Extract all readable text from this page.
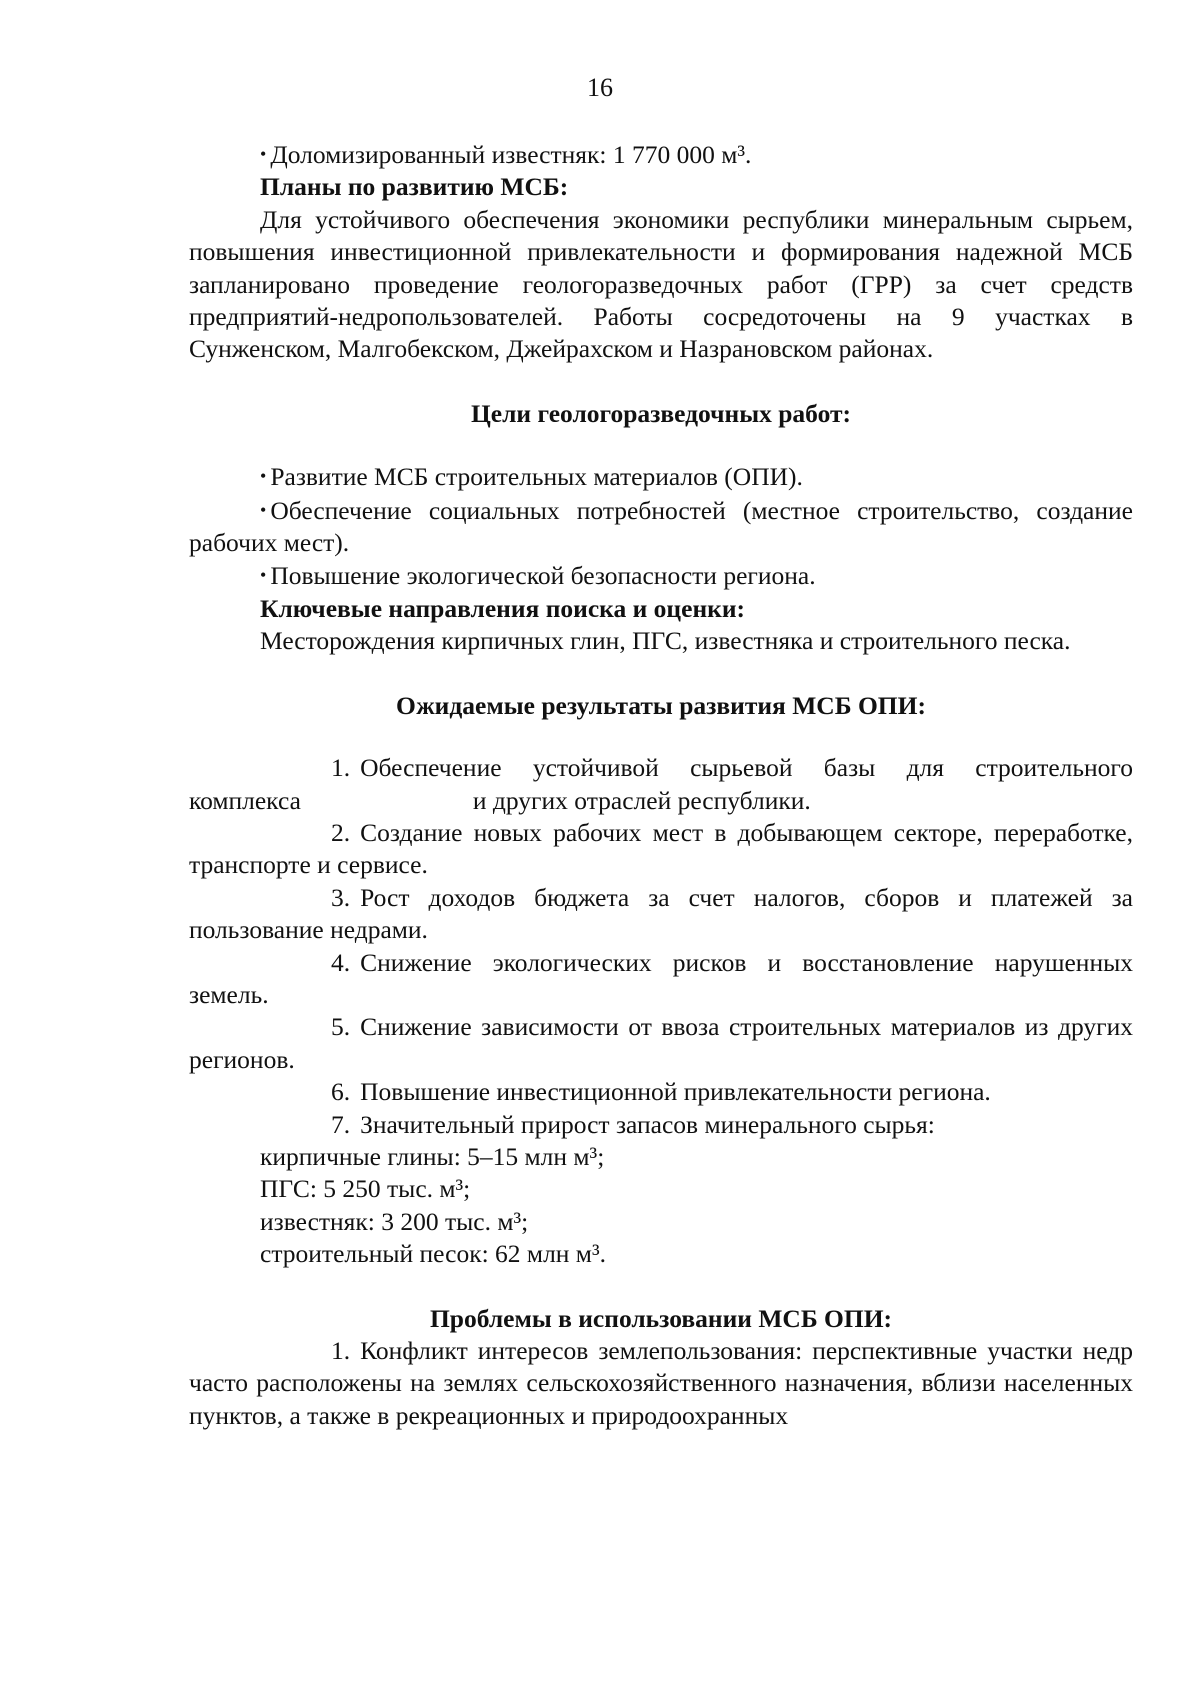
16

• Доломизированный известняк: 1 770 000 м³.

Планы по развитию МСБ:

Для устойчивого обеспечения экономики республики минеральным сырьем, повышения инвестиционной привлекательности и формирования надежной МСБ запланировано проведение геологоразведочных работ (ГРР) за счет средств предприятий-недропользователей. Работы сосредоточены на 9 участках в Сунженском, Малгобекском, Джейрахском и Назрановском районах.

Цели геологоразведочных работ:

• Развитие МСБ строительных материалов (ОПИ).

• Обеспечение социальных потребностей (местное строительство, создание рабочих мест).

• Повышение экологической безопасности региона.

Ключевые направления поиска и оценки:

Месторождения кирпичных глин, ПГС, известняка и строительного песка.

Ожидаемые результаты развития МСБ ОПИ:

1. Обеспечение устойчивой сырьевой базы для строительного

комплекса	и других отраслей республики.

2. Создание новых рабочих мест в добывающем секторе, переработке, транспорте и сервисе.

3. Рост доходов бюджета за счет налогов, сборов и платежей за пользование недрами.

4. Снижение экологических рисков и восстановление нарушенных земель.

5. Снижение зависимости от ввоза строительных материалов из других регионов.

6. Повышение инвестиционной привлекательности региона.

7. Значительный прирост запасов минерального сырья:

кирпичные глины: 5–15 млн м³;

ПГС: 5 250 тыс. м³;

известняк: 3 200 тыс. м³;

строительный песок: 62 млн м³.

Проблемы в использовании МСБ ОПИ:

1. Конфликт интересов землепользования: перспективные участки недр часто расположены на землях сельскохозяйственного назначения, вблизи населенных пунктов, а также в рекреационных и природоохранных
